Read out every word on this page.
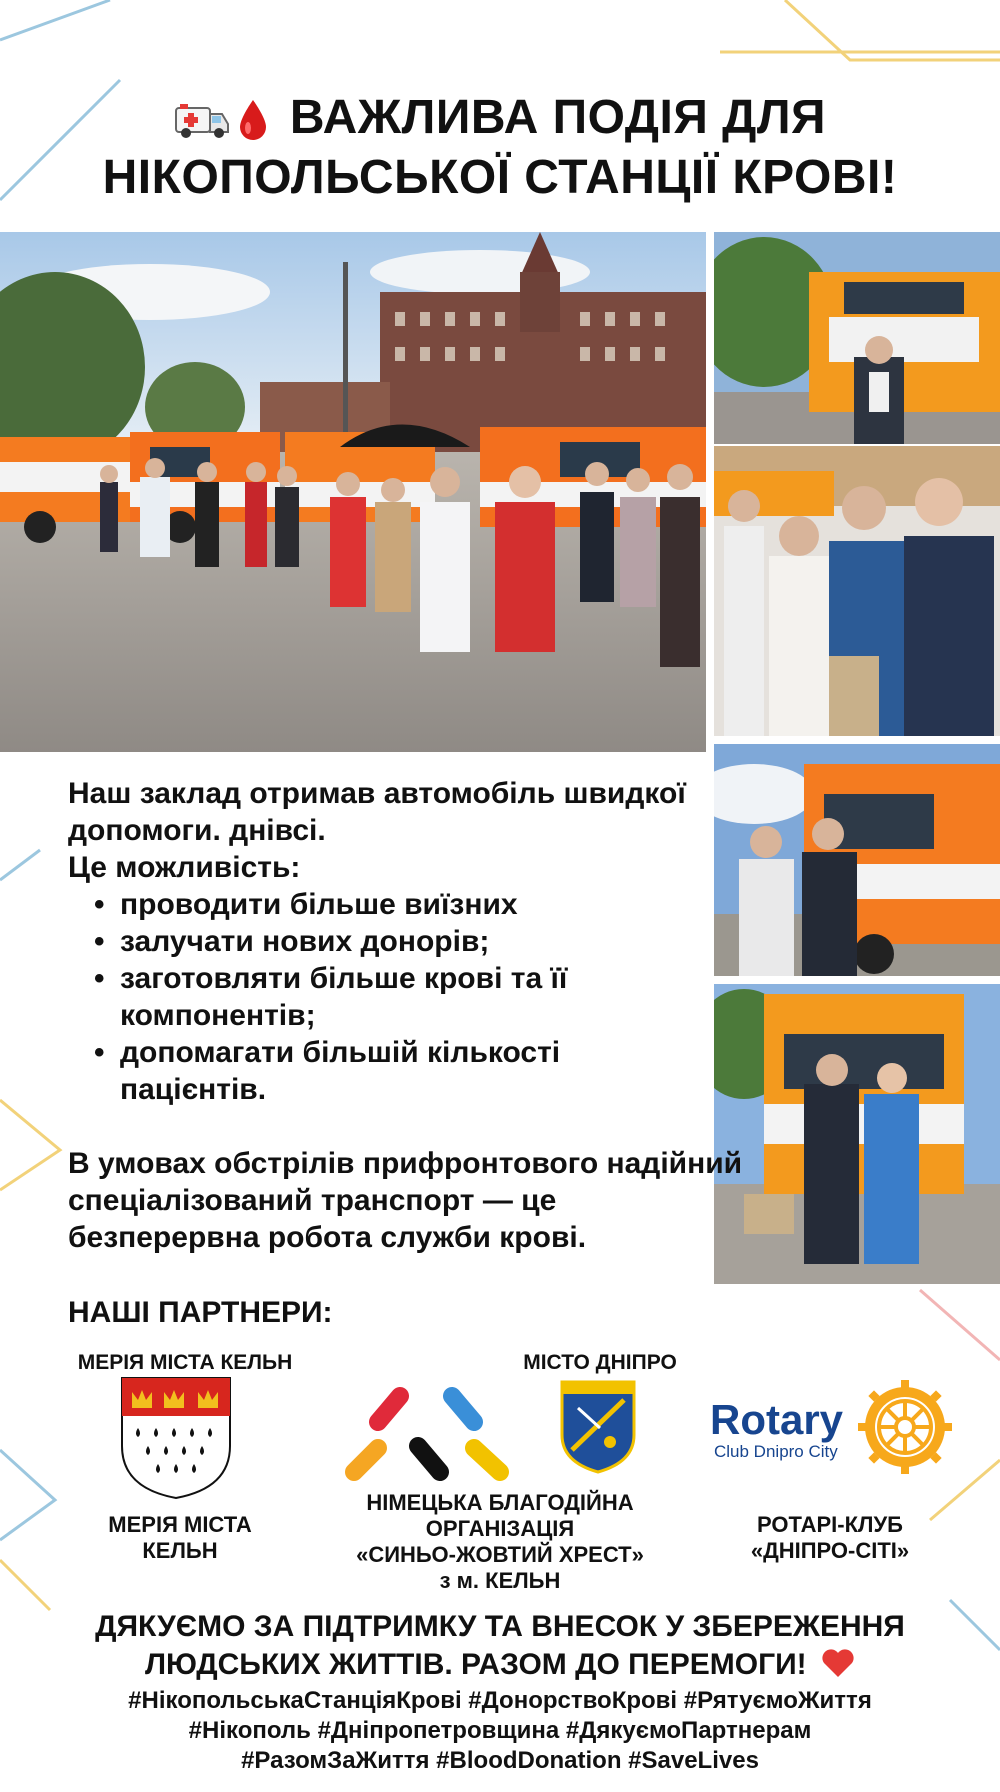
ВАЖЛИВА ПОДІЯ ДЛЯ
НІКОПОЛЬСЬКОЇ СТАНЦІЇ КРОВІ!

Наш заклад отримав автомобіль швидкої допомоги. днівсі.

Це можливість:

• проводити більше виїзних
• залучати нових донорів;
• заготовляти більше крові та її компонентів;
• допомагати більшій кількості пацієнтів.
В умовах обстрілів прифронтового надійний спеціалізований транспорт — це безперервна робота служби крові.
НАШІ ПАРТНЕРИ:
МЕРІЯ МІСТА КЕЛЬН
МЕРІЯ МІСТА
КЕЛЬН
МІСТО ДНІПРО
НІМЕЦЬКА БЛАГОДІЙНА
ОРГАНІЗАЦІЯ
«СИНЬО-ЖОВТИЙ ХРЕСТ»
з м. КЕЛЬН
Rotary
Club Dnipro City
РОТАРІ-КЛУБ
«ДНІПРО-СІТІ»
ДЯКУЄМО ЗА ПІДТРИМКУ ТА ВНЕСОК У ЗБЕРЕЖЕННЯ
ЛЮДСЬКИХ ЖИТТІВ. РАЗОМ ДО ПЕРЕМОГИ!
#НікопольськаСтанціяКрові #ДонорствоКрові #РятуємоЖиття
#Нікополь #Дніпропетровщина #ДякуємоПартнерам
#РазомЗаЖиття #BloodDonation #SaveLives
